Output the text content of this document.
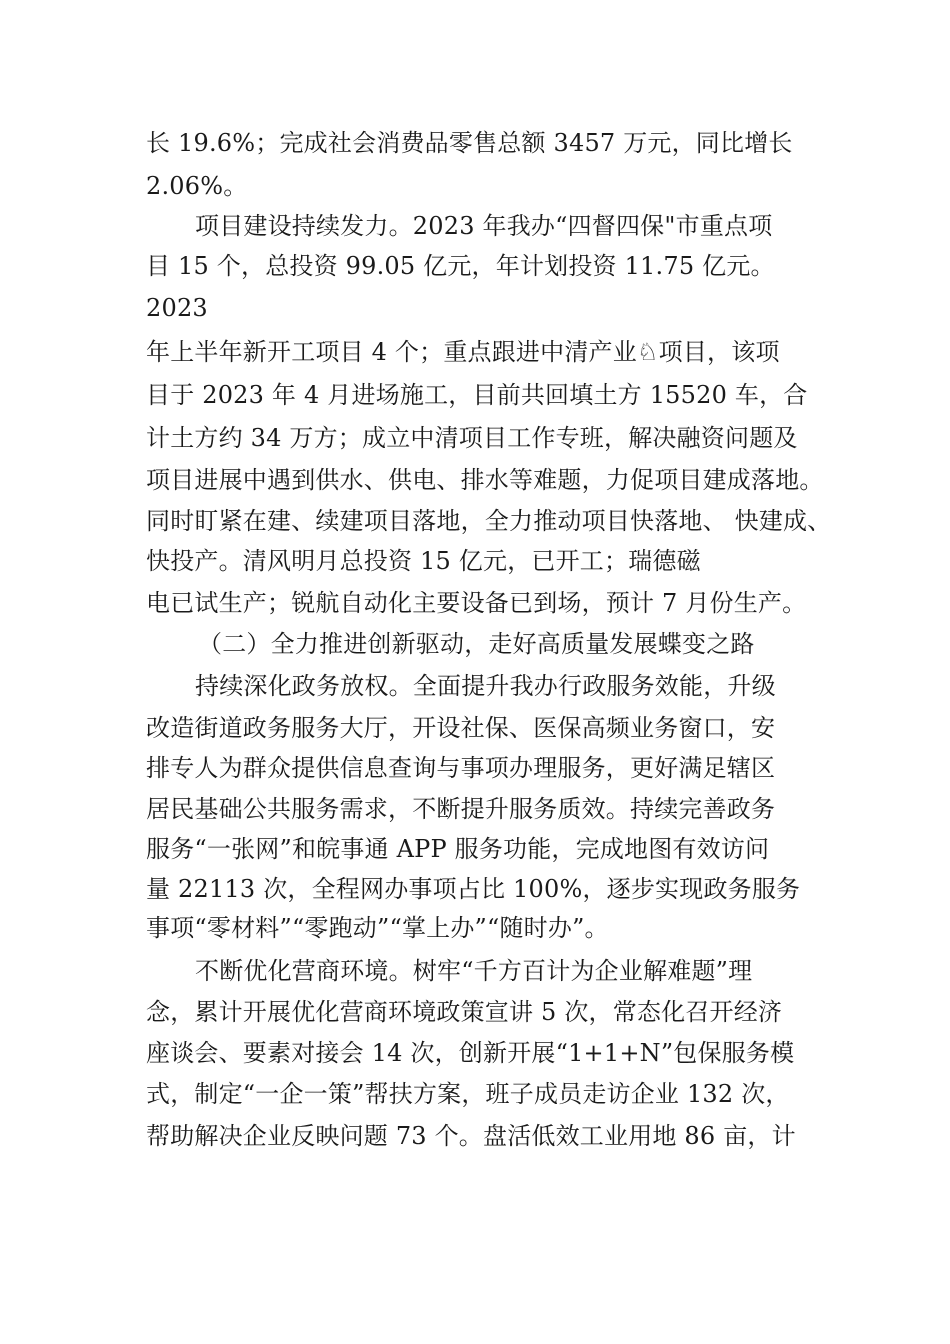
长 19.6%；完成社会消费品零售总额 3457 万元，同比增长

2.06%。

项目建设持续发力。2023 年我办“四督四保"市重点项

目 15 个，总投资 99.05 亿元，年计划投资 11.75 亿元。

2023

年上半年新开工项目 4 个；重点跟进中清产业♘项目，该项

目于 2023 年 4 月进场施工，目前共回填土方 15520 车，合

计土方约 34 万方；成立中清项目工作专班，解决融资问题及

项目进展中遇到供水、供电、排水等难题，力促项目建成落地。

同时盯紧在建、续建项目落地，全力推动项目快落地、 快建成、

快投产。清风明月总投资 15 亿元，已开工；瑞德磁

电已试生产；锐航自动化主要设备已到场，预计 7 月份生产。

（二）全力推进创新驱动，走好高质量发展蝶变之路

持续深化政务放权。全面提升我办行政服务效能，升级

改造街道政务服务大厅，开设社保、医保高频业务窗口，安

排专人为群众提供信息查询与事项办理服务，更好满足辖区

居民基础公共服务需求，不断提升服务质效。持续完善政务

服务“一张网”和皖事通 APP 服务功能，完成地图有效访问

量 22113 次，全程网办事项占比 100%，逐步实现政务服务

事项“零材料”“零跑动”“掌上办”“随时办”。

不断优化营商环境。树牢“千方百计为企业解难题”理

念，累计开展优化营商环境政策宣讲 5 次，常态化召开经济

座谈会、要素对接会 14 次，创新开展“1+1+N”包保服务模

式，制定“一企一策”帮扶方案，班子成员走访企业 132 次，

帮助解决企业反映问题 73 个。盘活低效工业用地 86 亩，计
